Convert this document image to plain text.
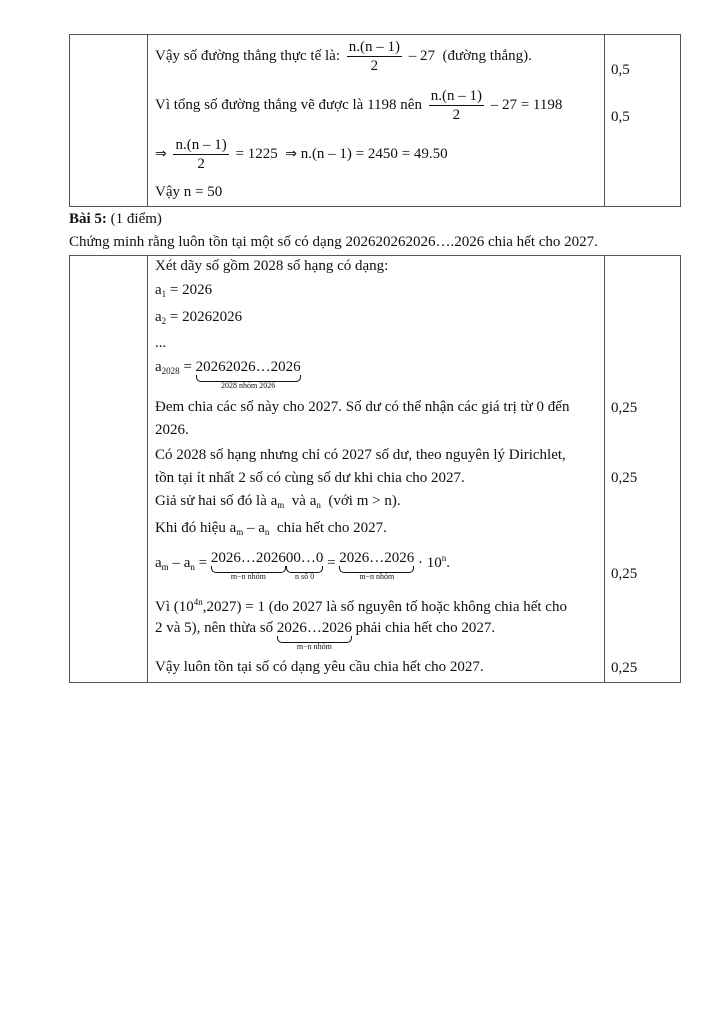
Vậy số đường thẳng thực tế là: $\frac{n.(n - 1)}{2} - 27$ (đường thẳng).
0,5
Vì tổng số đường thẳng vẽ được là 1198 nên $\frac{n.(n - 1)}{2} - 27 = 1198$
0,5
⇒ $\frac{n.(n - 1)}{2} = 1225$ ⇒ n.(n – 1) = 2450 = 49.50
Vậy n = 50
Bài 5: (1 điểm)
Chứng minh rằng luôn tồn tại một số có dạng 202620262026….2026 chia hết cho 2027.
Xét dãy số gồm 2028 số hạng có dạng:
$a_1 = 2026$
$a_2 = 20262026$
...
$a_{2028}$ = 20262026…2026
2028 nhóm 2026
Đem chia các số này cho 2027. Số dư có thể nhận các giá trị từ 0 đến
2026.
0,25
Có 2028 số hạng nhưng chỉ có 2027 số dư, theo nguyên lý Dirichlet,
tồn tại ít nhất 2 số có cùng số dư khi chia cho 2027.	0,25
Giả sử hai số đó là $a_m$ và $a_n$ (với m > n).
Khi đó hiệu $a_m - a_n$ chia hết cho 2027.
$a_m - a_n$ = 2026…2026
m−n nhóm
00…0
n số 0
= 2026…2026
m−n nhóm
· $10^n$.
0,25
Vì $(10^{4n},2027) = 1$ (do 2027 là số nguyên tố hoặc không chia hết cho
2 và 5), nên thừa số 2026…2026
m−n nhóm
phải chia hết cho 2027.
Vậy luôn tồn tại số có dạng yêu cầu chia hết cho 2027.	0,25
